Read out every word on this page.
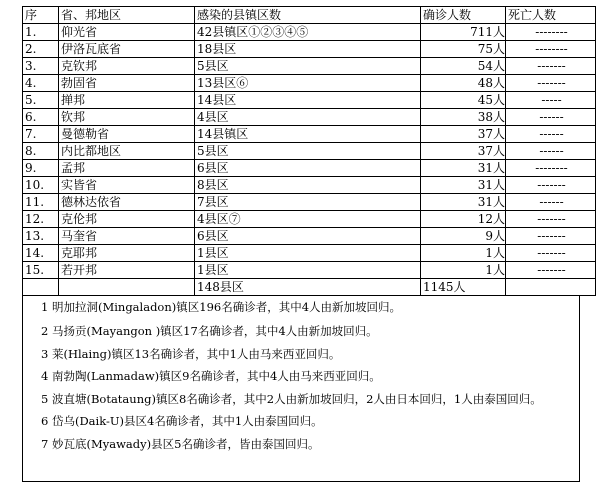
序	省、邦地区	感染的县镇区数	确诊人数	死亡人数
1.	仰光省	42县镇区①②③④⑤	711人	--------
2.	伊洛瓦底省	18县区	75人	--------
3.	克钦邦	5县区	54人	-------
4.	勃固省	13县区⑥	48人	-------
5.	掸邦	14县区	45人	-----
6.	钦邦	4县区	38人	------
7.	曼德勒省	14县镇区	37人	------
8.	内比都地区	5县区	37人	------
9.	孟邦	6县区	31人	--------
10.	实皆省	8县区	31人	-------
11.	德林达依省	7县区	31人	------
12.	克伦邦	4县区⑦	12人	-------
13.	马奎省	6县区	9人	-------
14.	克耶邦	1县区	1人	-------
15.	若开邦	1县区	1人	-------
		148县区	1145人	
1 明加拉洞(Mingaladon)镇区196名确诊者，其中4人由新加坡回归。
2 马扬贡(Mayangon )镇区17名确诊者，其中4人由新加坡回归。
3 莱(Hlaing)镇区13名确诊者，其中1人由马来西亚回归。
4 南勃陶(Lanmadaw)镇区9名确诊者，其中4人由马来西亚回归。
5 波直塘(Botataung)镇区8名确诊者，其中2人由新加坡回归，2人由日本回归，1人由泰国回归。
6 岱乌(Daik-U)县区4名确诊者，其中1人由泰国回归。
7 妙瓦底(Myawady)县区5名确诊者，皆由泰国回归。
